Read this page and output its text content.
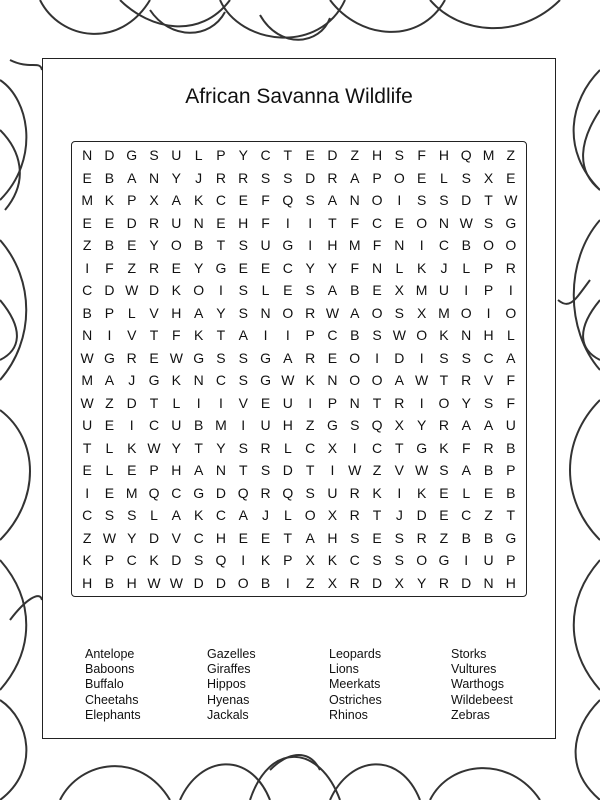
African Savanna Wildlife
N D G S U L P Y C T E D Z H S F H Q M Z
E B A N Y	J R R S S D R A P O E L S X E
M K P X A K C E F Q S A N O	I	S S D T W
E E D R U N E H F	I	I	T F C E O N W S G
Z B E Y O B T S U G	I	H M F N	I	C B O O
I	F Z R E Y G E E C Y Y F N L K	J	L P R
C D W D K O	I	S L E S A B E X M U	I	P	I
B P L V H A Y S N O R W A O S X M O	I	O
N	I	V T F K T A	I	I	P C B S W O K N H L
W G R E W G S S G A R E O	I	D	I	S S C A
M A	J G K N C S G W K N O O A W T R V F
W Z D T	L	I	I	V E U	I	P N T R	I	O Y S F
U E	I	C U B M	I	U H Z G S Q X Y R A A U
T	L K W Y T Y S R L C X	I	C T G K F R B
E L E P H A N T S D T	I W Z V W S A B P
I	E M Q C G D Q R Q S U R K	I	K E L E B
C S S L A K C A	J	L O X R T	J D E C Z T
Z W Y D V C H E E T A H S E S R Z B B G
K P C K D S Q	I	K P X K C S S O G	I	U P
H B H W W D D O B	I	Z X R D X Y R D N H
Antelope
Baboons
Buffalo
Cheetahs
Elephants
Gazelles
Giraffes
Hippos
Hyenas
Jackals
Leopards
Lions
Meerkats
Ostriches
Rhinos
Storks
Vultures
Warthogs
Wildebeest
Zebras
